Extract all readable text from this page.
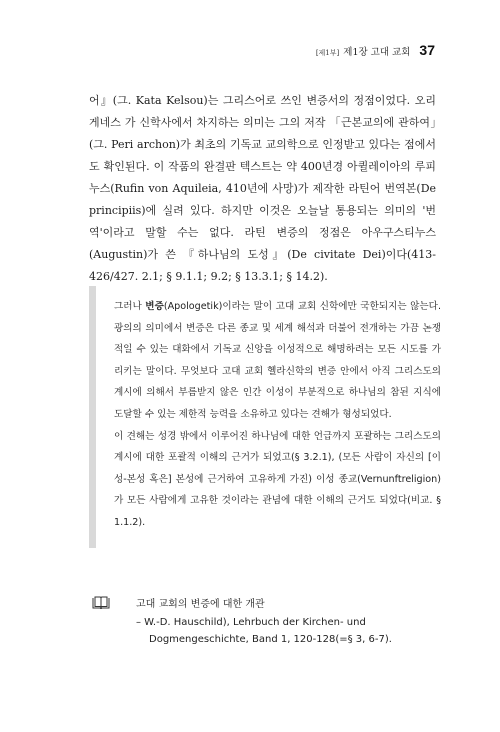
[제1부] 제1장 고대 교회 37

어』(그. Kata Kelsou)는 그리스어로 쓰인 변증서의 정점이었다. 오리게네스 가 신학사에서 차지하는 의미는 그의 저작 「근본교의에 관하여」(그. Peri archon)가 최초의 기독교 교의학으로 인정받고 있다는 점에서도 확인된다. 이 작품의 완결판 텍스트는 약 400년경 아퀼레이아의 루피누스(Rufin von Aquileia, 410년에 사망)가 제작한 라틴어 번역본(De principiis)에 실려 있다. 하지만 이것은 오늘날 통용되는 의미의 '번역'이라고 말할 수는 없다. 라틴 변증의 정점은 아우구스티누스(Augustin)가 쓴 『하나님의 도성』(De civitate Dei)이다(413-426/427. 2.1; § 9.1.1; 9.2; § 13.3.1; § 14.2).

그러나 변증(Apologetik)이라는 말이 고대 교회 신학에만 국한되지는 않는다. 광의의 의미에서 변증은 다른 종교 및 세계 해석과 더불어 전개하는 가끔 논쟁적일 수 있는 대화에서 기독교 신앙을 이성적으로 해명하려는 모든 시도를 가리키는 말이다. 무엇보다 고대 교회 헬라신학의 변증 안에서 아직 그리스도의 계시에 의해서 부름받지 않은 인간 이성이 부분적으로 하나님의 참된 지식에 도달할 수 있는 제한적 능력을 소유하고 있다는 견해가 형성되었다.

이 견해는 성경 밖에서 이루어진 하나님에 대한 언급까지 포괄하는 그리스도의 계시에 대한 포괄적 이해의 근거가 되었고(§ 3.2.1), (모든 사람이 자신의 [이성-본성 혹은] 본성에 근거하여 고유하게 가진) 이성 종교(Vernunftreligion)가 모든 사람에게 고유한 것이라는 관념에 대한 이해의 근거도 되었다(비교. § 1.1.2).

고대 교회의 변증에 대한 개관
– W.-D. Hauschild), Lehrbuch der Kirchen- und
Dogmengeschichte, Band 1, 120-128(=§ 3, 6-7).
